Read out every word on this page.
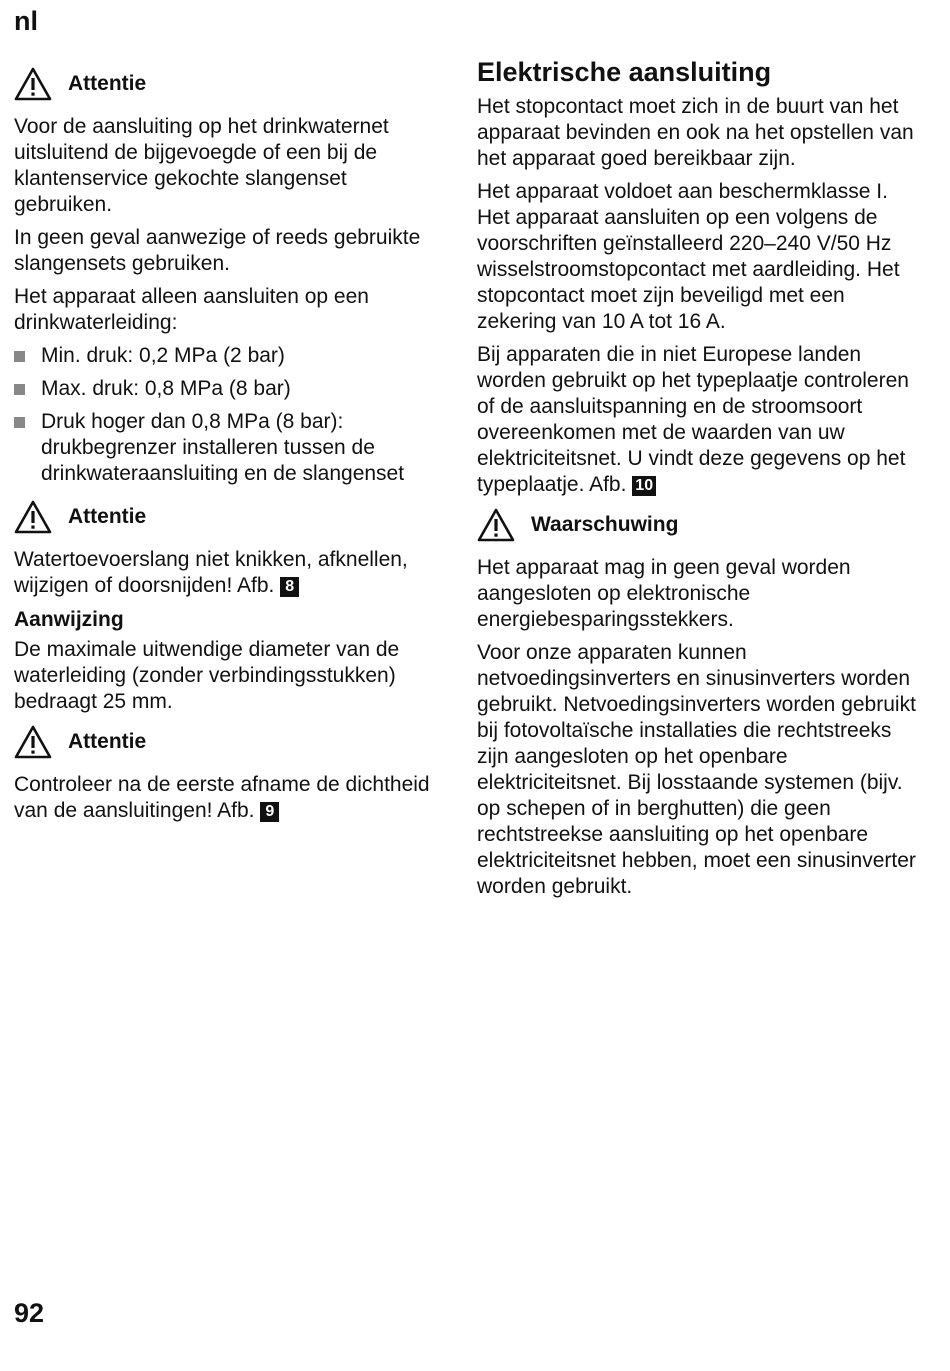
nl
Attentie

Voor de aansluiting op het drinkwaternet uitsluitend de bijgevoegde of een bij de klantenservice gekochte slangenset gebruiken.

In geen geval aanwezige of reeds gebruikte slangensets gebruiken.

Het apparaat alleen aansluiten op een drinkwaterleiding:

Min. druk: 0,2 MPa (2 bar)
Max. druk: 0,8 MPa (8 bar)
Druk hoger dan 0,8 MPa (8 bar): drukbegrenzer installeren tussen de drinkwateraansluiting en de slangenset
Attentie

Watertoevoerslang niet knikken, afknellen, wijzigen of doorsnijden! Afb. 8

Aanwijzing

De maximale uitwendige diameter van de waterleiding (zonder verbindingsstukken) bedraagt 25 mm.

Attentie

Controleer na de eerste afname de dichtheid van de aansluitingen! Afb. 9

Elektrische aansluiting

Het stopcontact moet zich in de buurt van het apparaat bevinden en ook na het opstellen van het apparaat goed bereikbaar zijn.

Het apparaat voldoet aan beschermklasse I. Het apparaat aansluiten op een volgens de voorschriften geïnstalleerd 220–240 V/50 Hz wisselstroomstopcontact met aardleiding. Het stopcontact moet zijn beveiligd met een zekering van 10 A tot 16 A.

Bij apparaten die in niet Europese landen worden gebruikt op het typeplaatje controleren of de aansluitspanning en de stroomsoort overeenkomen met de waarden van uw elektriciteitsnet. U vindt deze gegevens op het typeplaatje. Afb. 10

Waarschuwing

Het apparaat mag in geen geval worden aangesloten op elektronische energiebesparingsstekkers.

Voor onze apparaten kunnen netvoedingsinverters en sinusinverters worden gebruikt. Netvoedingsinverters worden gebruikt bij fotovoltaïsche installaties die rechtstreeks zijn aangesloten op het openbare elektriciteitsnet. Bij losstaande systemen (bijv. op schepen of in berghutten) die geen rechtstreekse aansluiting op het openbare elektriciteitsnet hebben, moet een sinusinverter worden gebruikt.

92
